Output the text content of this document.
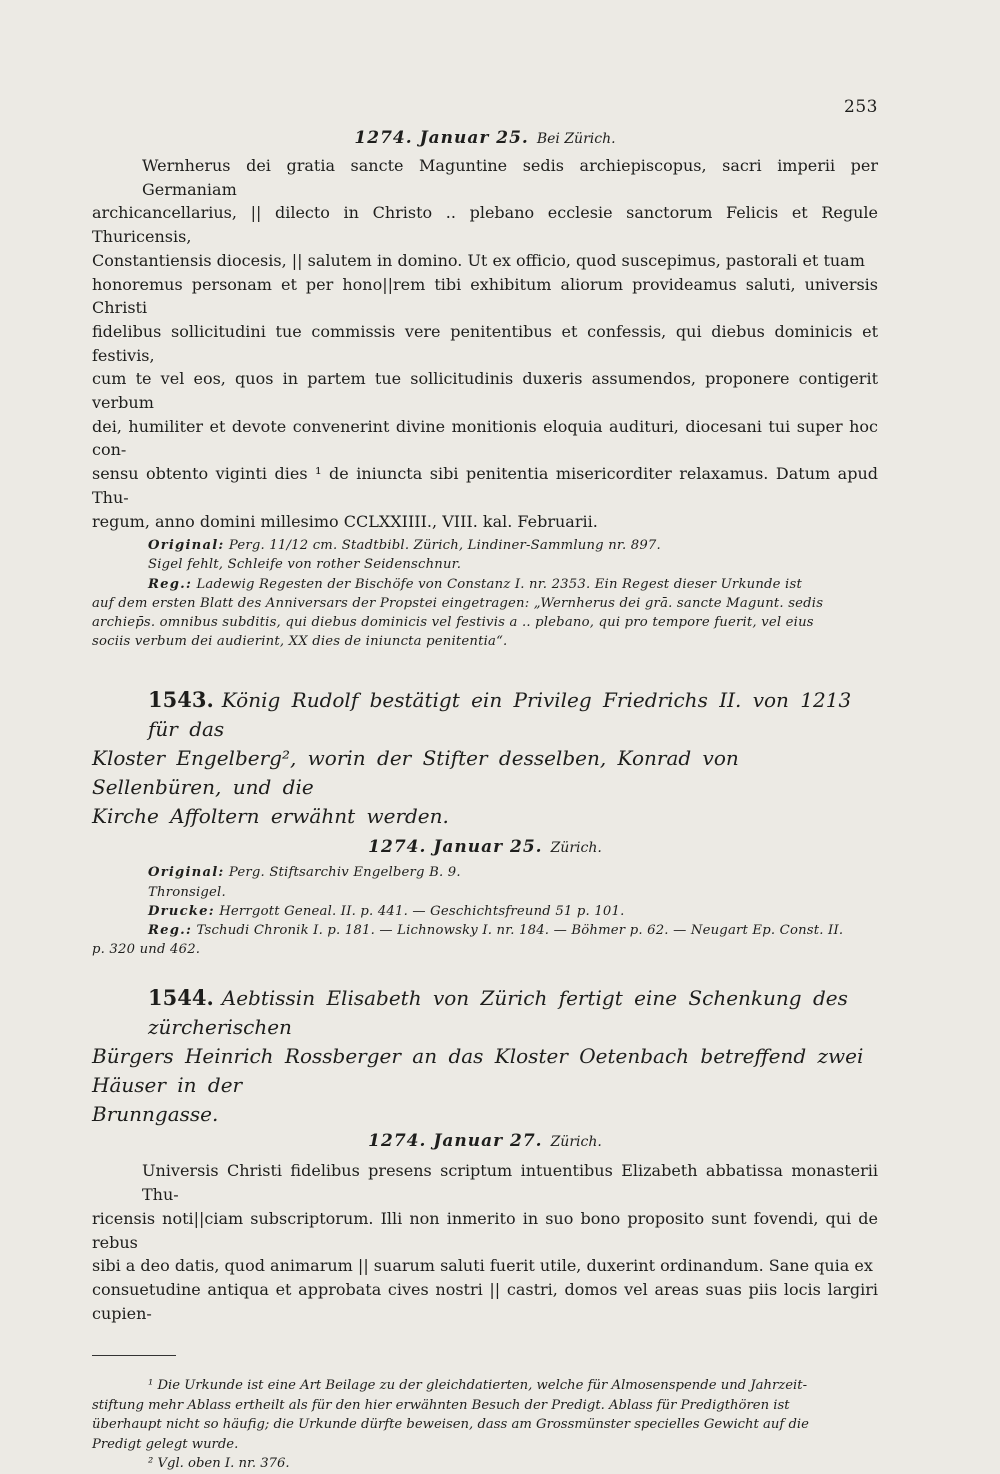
253

1274. Januar 25. Bei Zürich.

Wernherus dei gratia sancte Maguntine sedis archiepiscopus, sacri imperii per Germaniam
archicancellarius, || dilecto in Christo .. plebano ecclesie sanctorum Felicis et Regule Thuricensis,
Constantiensis diocesis, || salutem in domino. Ut ex officio, quod suscepimus, pastorali et tuam
honoremus personam et per hono||rem tibi exhibitum aliorum provideamus saluti, universis Christi
fidelibus sollicitudini tue commissis vere penitentibus et confessis, qui diebus dominicis et festivis,
cum te vel eos, quos in partem tue sollicitudinis duxeris assumendos, proponere contigerit verbum
dei, humiliter et devote convenerint divine monitionis eloquia audituri, diocesani tui super hoc con-
sensu obtento viginti dies ¹ de iniuncta sibi penitentia misericorditer relaxamus. Datum apud Thu-
regum, anno domini millesimo CCLXXIIII., VIII. kal. Februarii.

Original: Perg. 11/12 cm. Stadtbibl. Zürich, Lindiner-Sammlung nr. 897.

Sigel fehlt, Schleife von rother Seidenschnur.

Reg.: Ladewig Regesten der Bischöfe von Constanz I. nr. 2353. Ein Regest dieser Urkunde ist

auf dem ersten Blatt des Anniversars der Propstei eingetragen: „Wernherus dei grā. sancte Magunt. sedis

archiep̄s. omnibus subditis, qui diebus dominicis vel festivis a .. plebano, qui pro tempore fuerit, vel eius

sociis verbum dei audierint, XX dies de iniuncta penitentia“.

1543. König Rudolf bestätigt ein Privileg Friedrichs II. von 1213 für das
Kloster Engelberg², worin der Stifter desselben, Konrad von Sellenbüren, und die
Kirche Affoltern erwähnt werden.

1274. Januar 25. Zürich.

Original: Perg. Stiftsarchiv Engelberg B. 9.

Thronsigel.

Drucke: Herrgott Geneal. II. p. 441. — Geschichtsfreund 51 p. 101.

Reg.: Tschudi Chronik I. p. 181. — Lichnowsky I. nr. 184. — Böhmer p. 62. — Neugart Ep. Const. II.

p. 320 und 462.

1544. Aebtissin Elisabeth von Zürich fertigt eine Schenkung des zürcherischen
Bürgers Heinrich Rossberger an das Kloster Oetenbach betreffend zwei Häuser in der
Brunngasse.

1274. Januar 27. Zürich.

Universis Christi fidelibus presens scriptum intuentibus Elizabeth abbatissa monasterii Thu-
ricensis noti||ciam subscriptorum. Illi non inmerito in suo bono proposito sunt fovendi, qui de rebus
sibi a deo datis, quod animarum || suarum saluti fuerit utile, duxerint ordinandum. Sane quia ex
consuetudine antiqua et approbata cives nostri || castri, domos vel areas suas piis locis largiri cupien-

¹ Die Urkunde ist eine Art Beilage zu der gleichdatierten, welche für Almosenspende und Jahrzeit-

stiftung mehr Ablass ertheilt als für den hier erwähnten Besuch der Predigt. Ablass für Predigthören ist

überhaupt nicht so häufig; die Urkunde dürfte beweisen, dass am Grossmünster specielles Gewicht auf die

Predigt gelegt wurde.

² Vgl. oben I. nr. 376.
